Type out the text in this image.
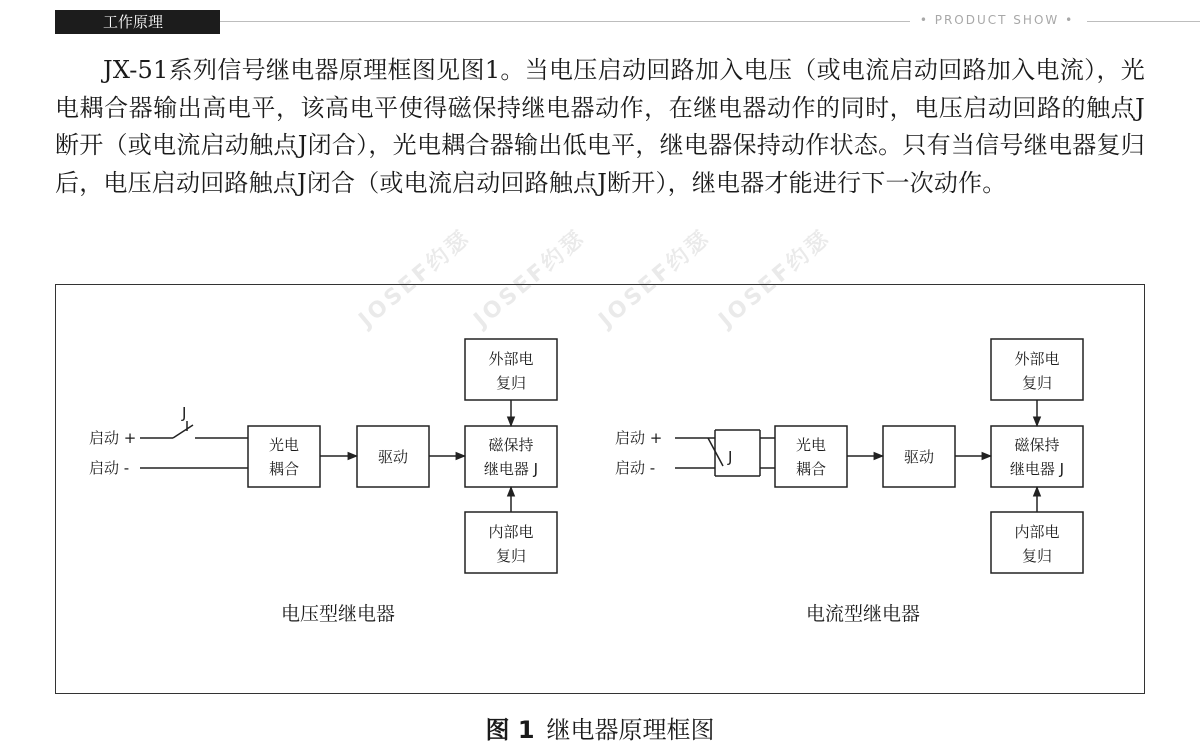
工作原理	• PRODUCT SHOW •

JX-51系列信号继电器原理框图见图1。当电压启动回路加入电压（或电流启动回路加入电流），光电耦合器输出高电平，该高电平使得磁保持继电器动作，在继电器动作的同时，电压启动回路的触点J断开（或电流启动触点J闭合），光电耦合器输出低电平，继电器保持动作状态。只有当信号继电器复归后，电压启动回路触点J闭合（或电流启动回路触点J断开），继电器才能进行下一次动作。

JOSEF约瑟
JOSEF约瑟 JOSEF约瑟
JOSEF约瑟
启动 +
启动 -
J
光电
耦合
驱动
磁保持
继电器 J
外部电
复归
内部电
复归
电压型继电器
启动 +
启动 -
J
光电
耦合
驱动
磁保持
继电器 J
外部电
复归
内部电
复归
电流型继电器
图 1 继电器原理框图
